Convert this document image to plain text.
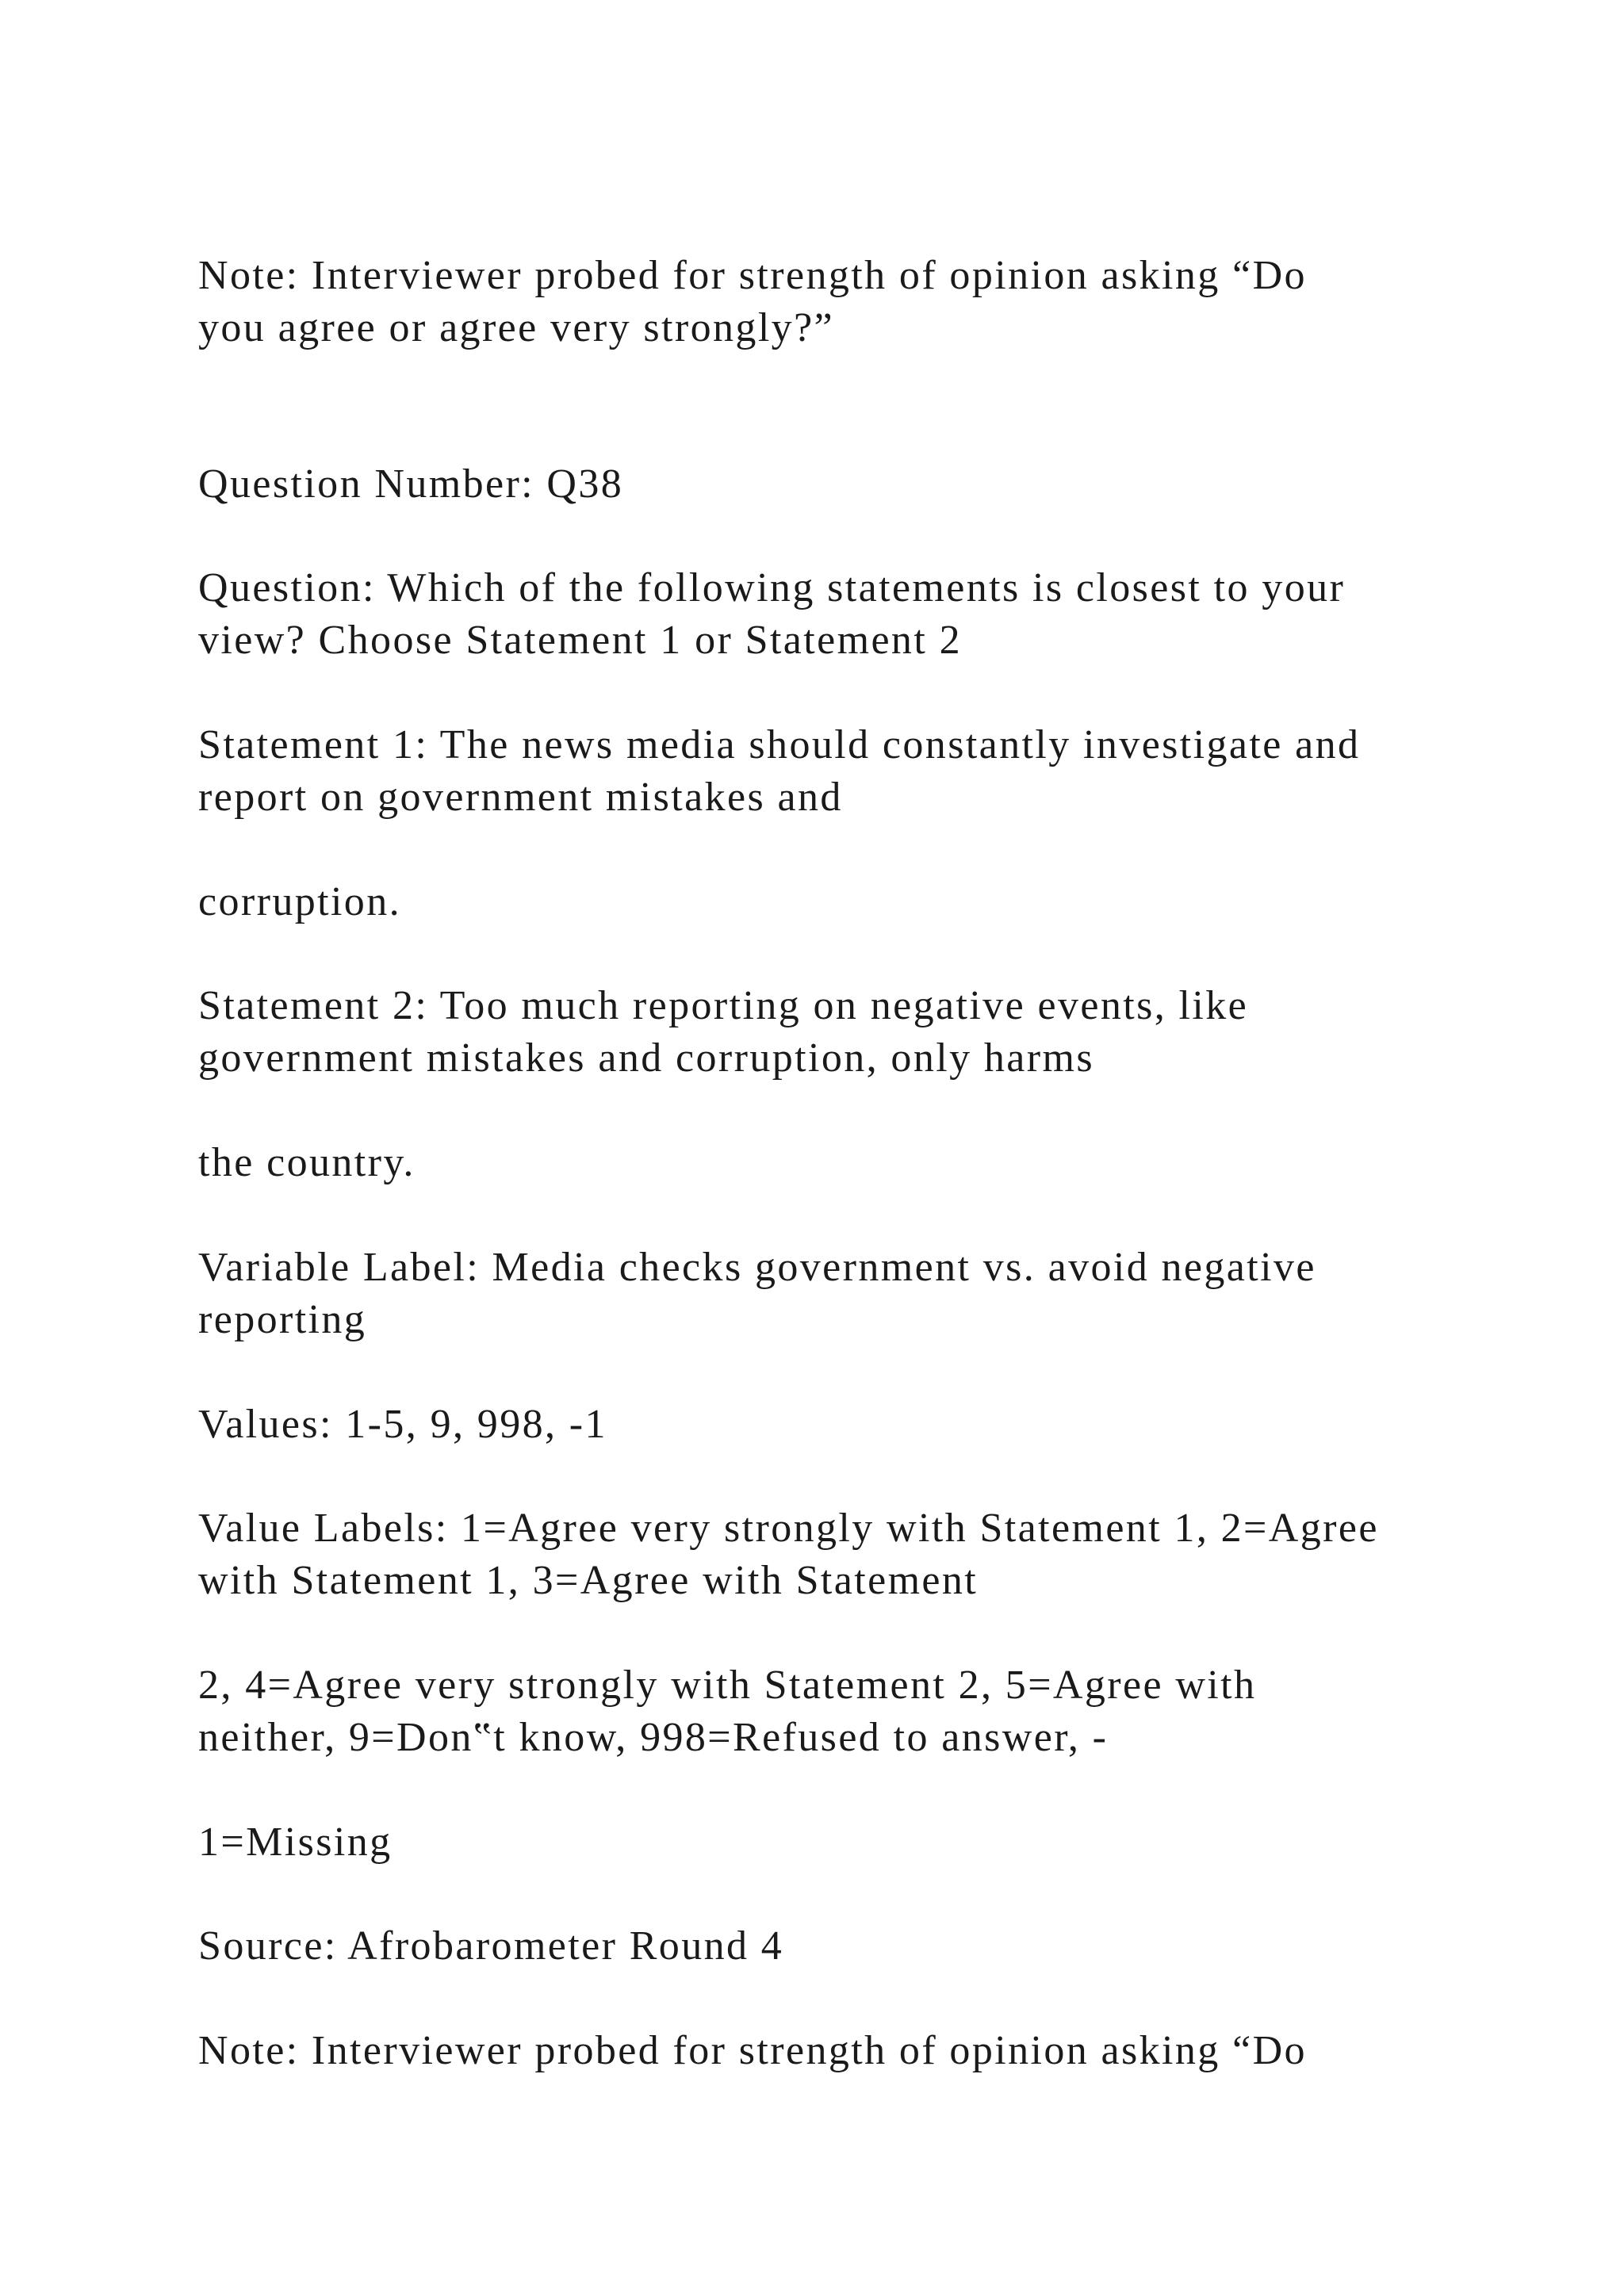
Note: Interviewer probed for strength of opinion asking “Do
you agree or agree very strongly?”
Question Number: Q38
Question: Which of the following statements is closest to your
view? Choose Statement 1 or Statement 2
Statement 1: The news media should constantly investigate and
report on government mistakes and
corruption.
Statement 2: Too much reporting on negative events, like
government mistakes and corruption, only harms
the country.
Variable Label: Media checks government vs. avoid negative
reporting
Values: 1-5, 9, 998, -1
Value Labels: 1=Agree very strongly with Statement 1, 2=Agree
with Statement 1, 3=Agree with Statement
2, 4=Agree very strongly with Statement 2, 5=Agree with
neither, 9=Don‟t know, 998=Refused to answer, -
1=Missing
Source: Afrobarometer Round 4
Note: Interviewer probed for strength of opinion asking “Do
